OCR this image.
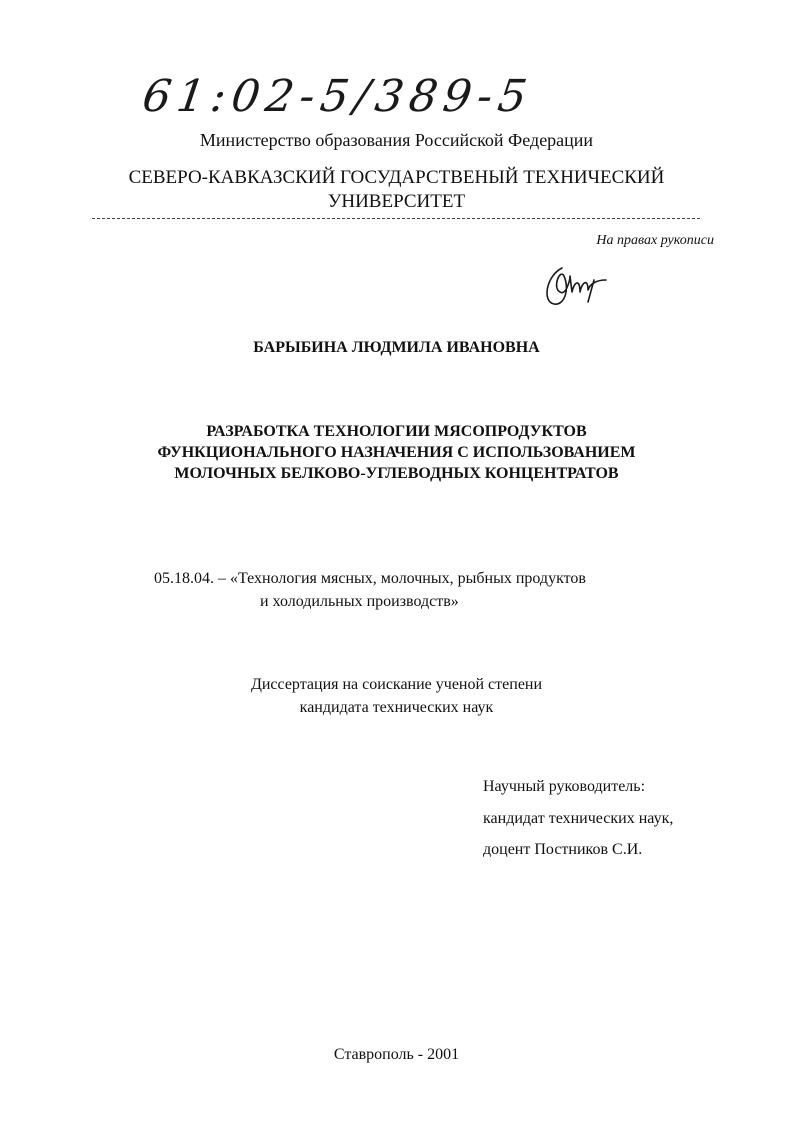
61:02-5/389-5
Министерство образования Российской Федерации
СЕВЕРО-КАВКАЗСКИЙ ГОСУДАРСТВЕНЫЙ ТЕХНИЧЕСКИЙ
УНИВЕРСИТЕТ
На правах рукописи
БАРЫБИНА ЛЮДМИЛА ИВАНОВНА
РАЗРАБОТКА ТЕХНОЛОГИИ МЯСОПРОДУКТОВ
ФУНКЦИОНАЛЬНОГО НАЗНАЧЕНИЯ С ИСПОЛЬЗОВАНИЕМ
МОЛОЧНЫХ БЕЛКОВО-УГЛЕВОДНЫХ КОНЦЕНТРАТОВ
05.18.04. – «Технология мясных, молочных, рыбных продуктов
и холодильных производств»
Диссертация на соискание ученой степени
кандидата технических наук
Научный руководитель:
кандидат технических наук,
доцент Постников С.И.
Ставрополь - 2001
